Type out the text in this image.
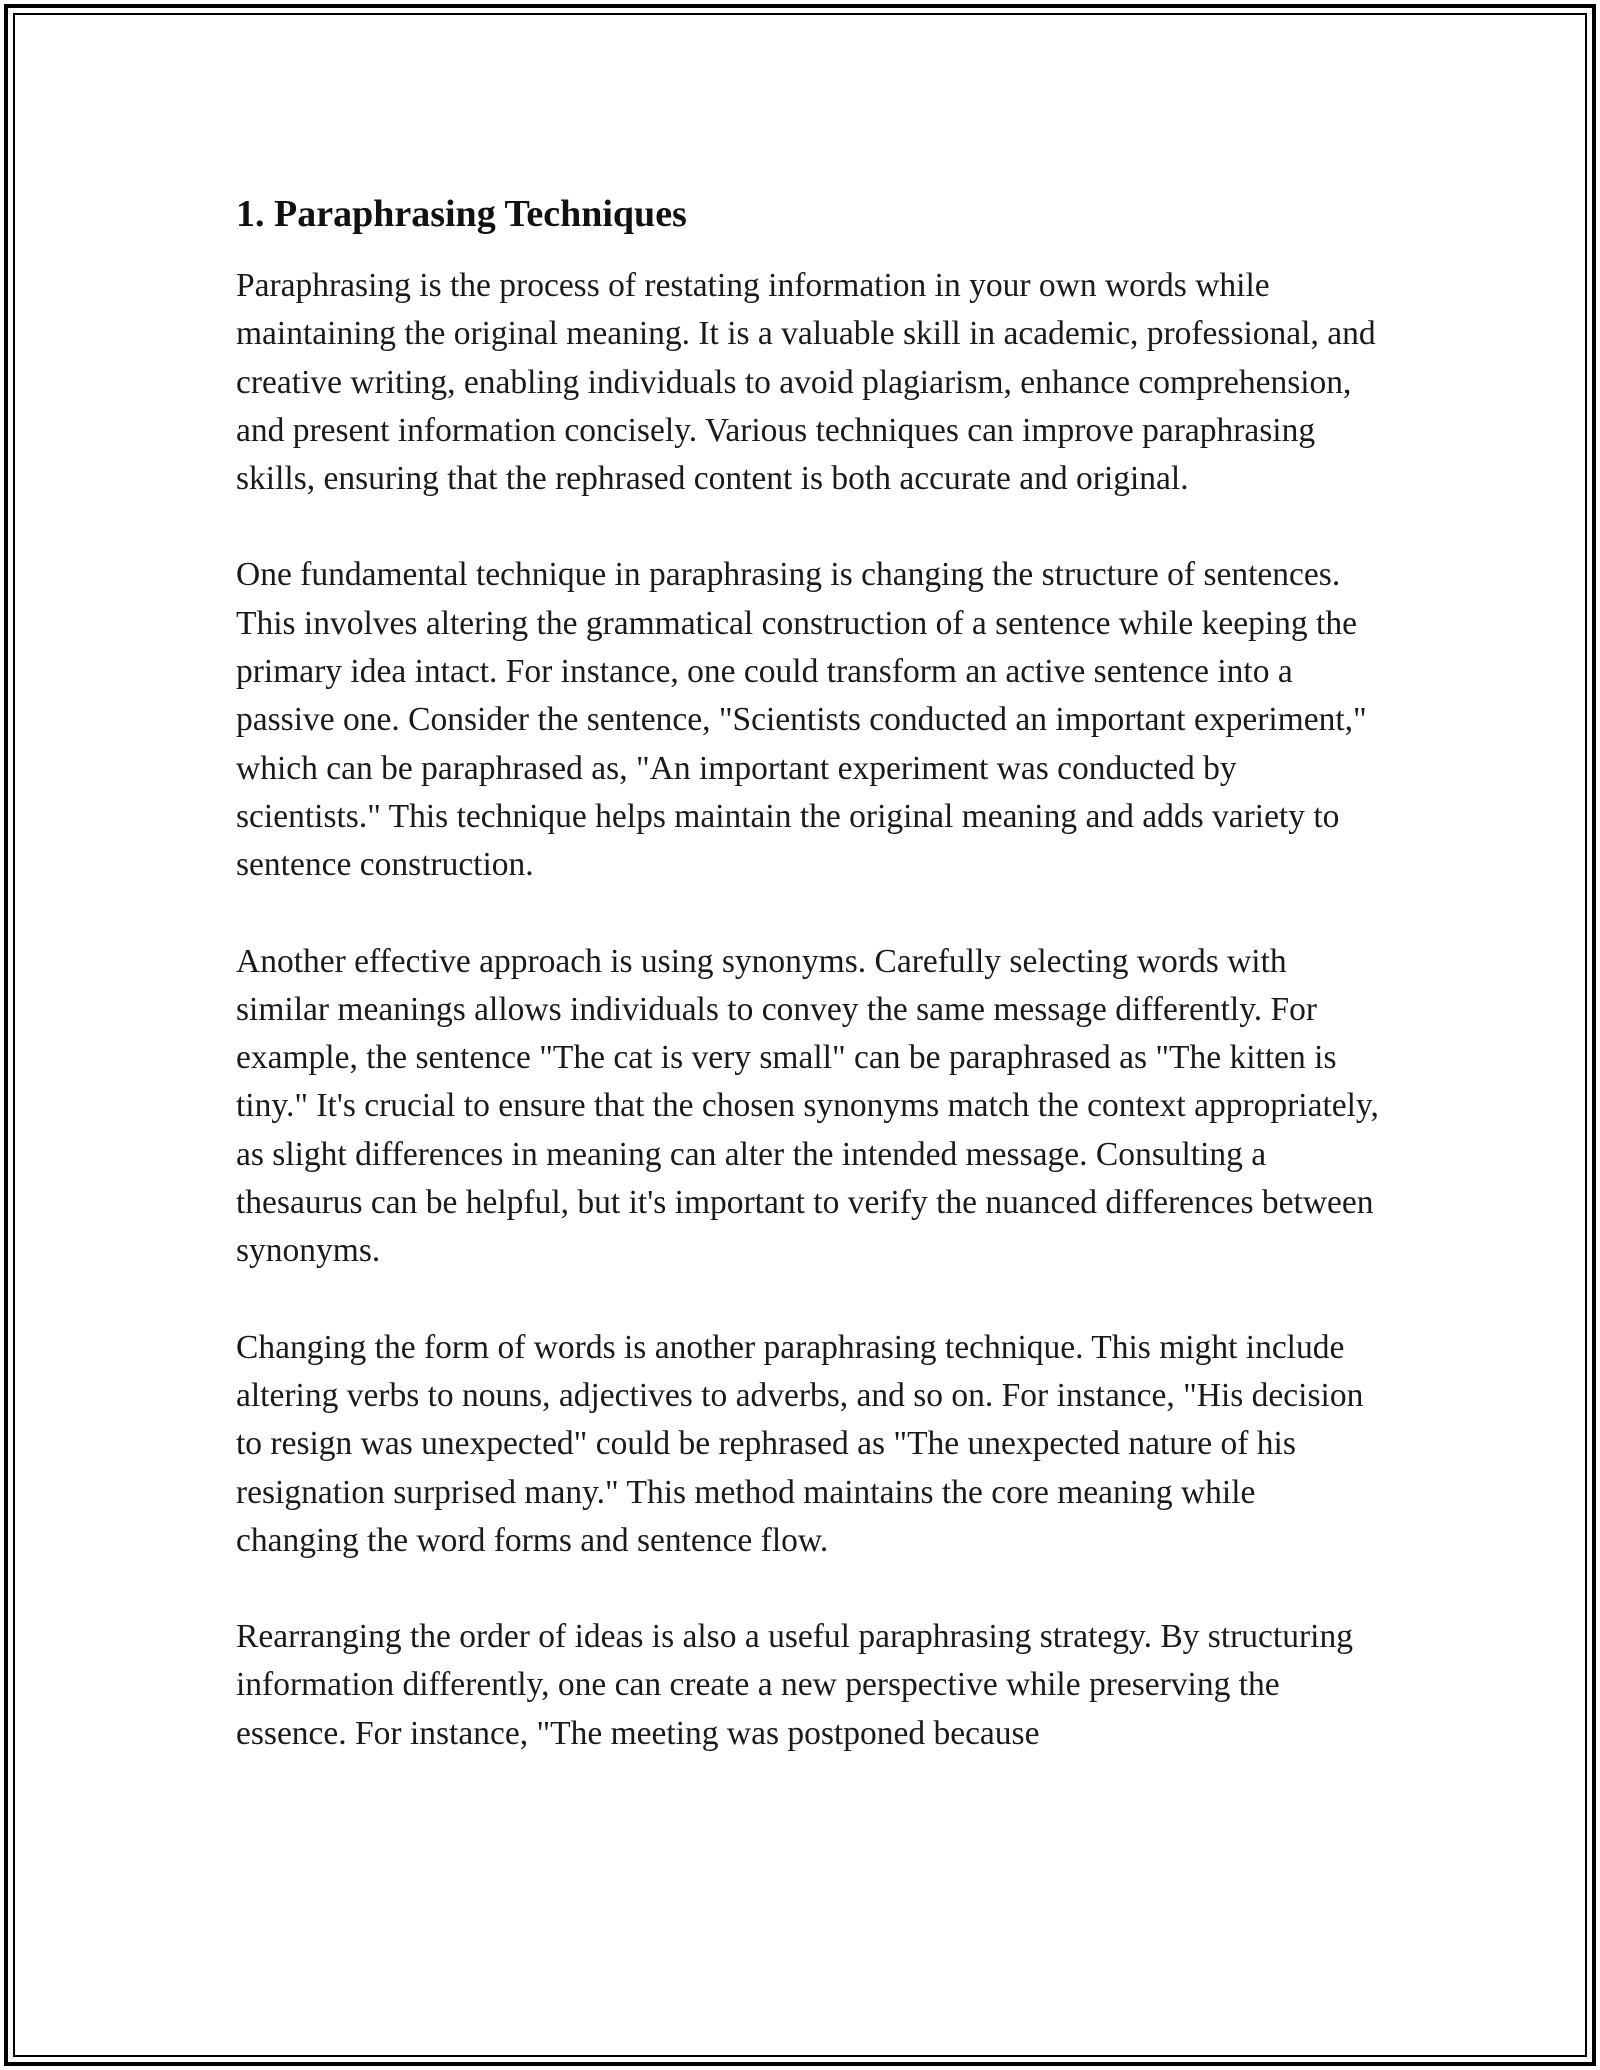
1. Paraphrasing Techniques

Paraphrasing is the process of restating information in your own words while maintaining the original meaning. It is a valuable skill in academic, professional, and creative writing, enabling individuals to avoid plagiarism, enhance comprehension, and present information concisely. Various techniques can improve paraphrasing skills, ensuring that the rephrased content is both accurate and original.

One fundamental technique in paraphrasing is changing the structure of sentences. This involves altering the grammatical construction of a sentence while keeping the primary idea intact. For instance, one could transform an active sentence into a passive one. Consider the sentence, "Scientists conducted an important experiment," which can be paraphrased as, "An important experiment was conducted by scientists." This technique helps maintain the original meaning and adds variety to sentence construction.

Another effective approach is using synonyms. Carefully selecting words with similar meanings allows individuals to convey the same message differently. For example, the sentence "The cat is very small" can be paraphrased as "The kitten is tiny." It's crucial to ensure that the chosen synonyms match the context appropriately, as slight differences in meaning can alter the intended message. Consulting a thesaurus can be helpful, but it's important to verify the nuanced differences between synonyms.

Changing the form of words is another paraphrasing technique. This might include altering verbs to nouns, adjectives to adverbs, and so on. For instance, "His decision to resign was unexpected" could be rephrased as "The unexpected nature of his resignation surprised many." This method maintains the core meaning while changing the word forms and sentence flow.

Rearranging the order of ideas is also a useful paraphrasing strategy. By structuring information differently, one can create a new perspective while preserving the essence. For instance, "The meeting was postponed because
